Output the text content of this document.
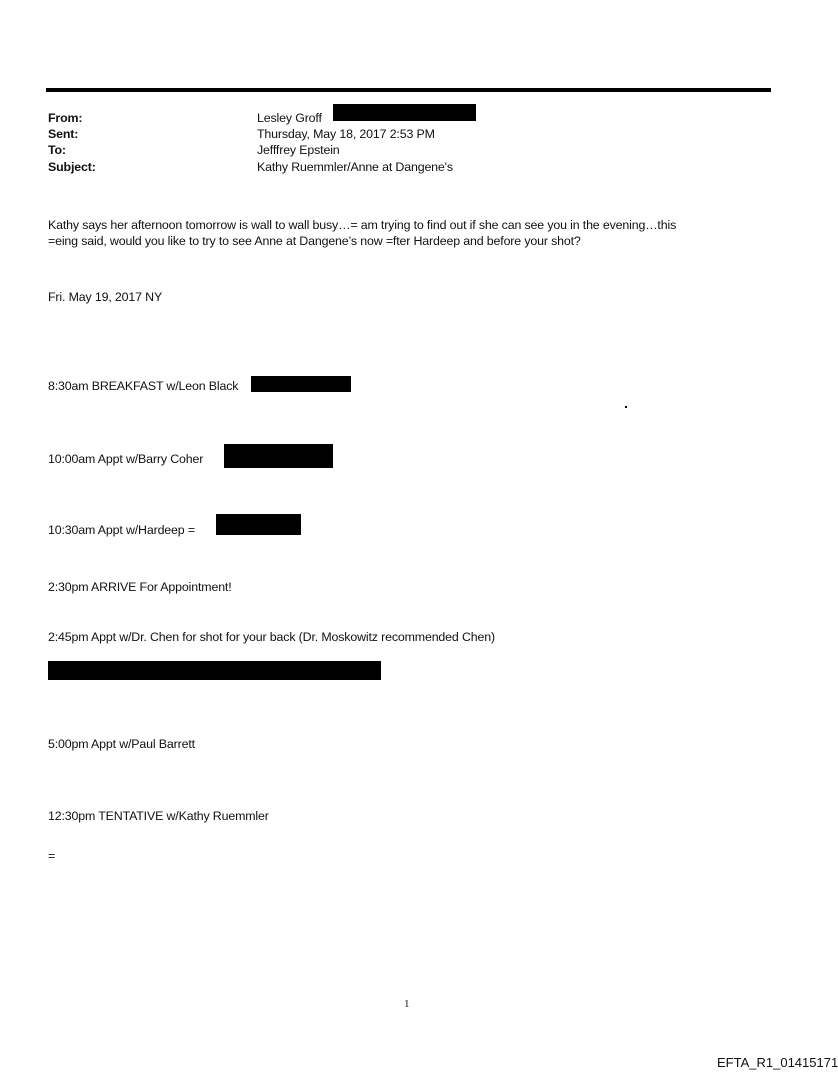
From:	Lesley Groff
Sent:	Thursday, May 18, 2017 2:53 PM
To:	Jefffrey Epstein
Subject:	Kathy Ruemmler/Anne at Dangene's
Kathy says her afternoon tomorrow is wall to wall busy…= am trying to find out if she can see you in the evening…this
=eing said, would you like to try to see Anne at Dangene’s now =fter Hardeep and before your shot?
Fri. May 19, 2017 NY
8:30am BREAKFAST w/Leon Black
10:00am Appt w/Barry Coher
10:30am Appt w/Hardeep =
2:30pm ARRIVE For Appointment!
2:45pm Appt w/Dr. Chen for shot for your back (Dr. Moskowitz recommended Chen)
5:00pm Appt w/Paul Barrett
12:30pm TENTATIVE w/Kathy Ruemmler
=
1
EFTA_R1_01415171
